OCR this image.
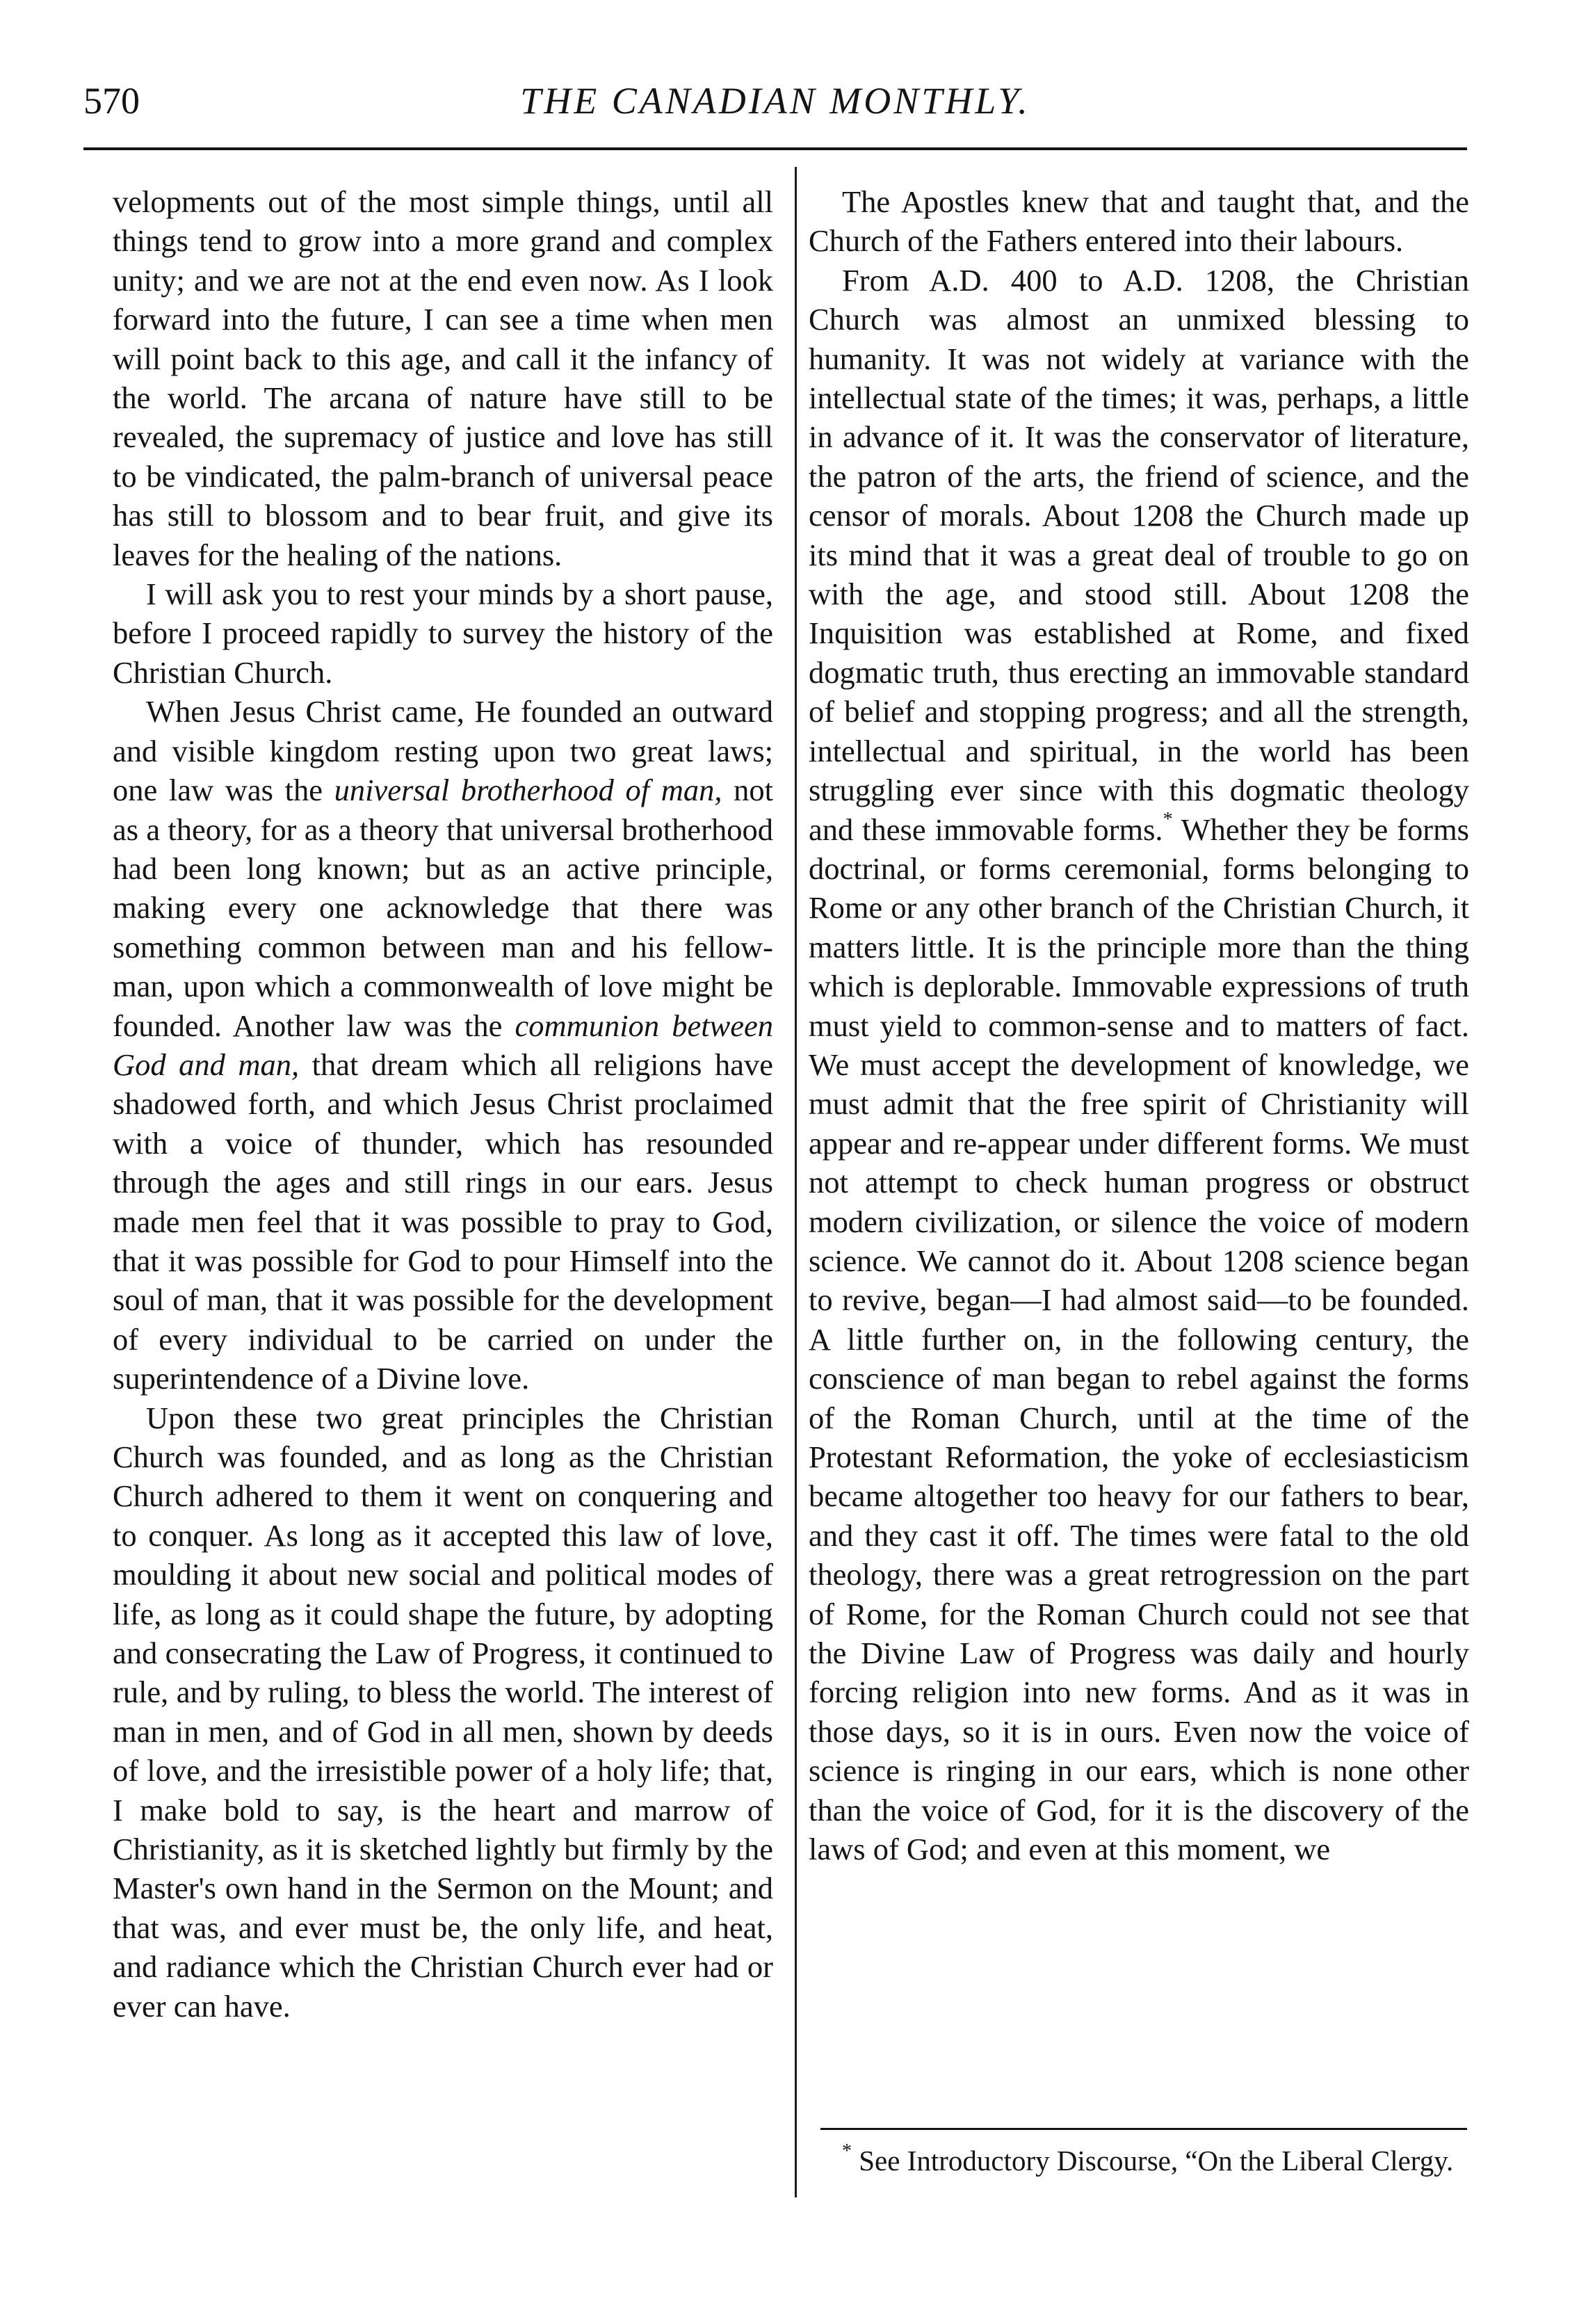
570	THE CANADIAN MONTHLY.

velopments out of the most simple things, until all things tend to grow into a more grand and complex unity; and we are not at the end even now. As I look forward into the future, I can see a time when men will point back to this age, and call it the infancy of the world. The arcana of nature have still to be revealed, the supremacy of justice and love has still to be vindicated, the palm-branch of universal peace has still to blossom and to bear fruit, and give its leaves for the healing of the nations.

I will ask you to rest your minds by a short pause, before I proceed rapidly to survey the history of the Christian Church.

When Jesus Christ came, He founded an outward and visible kingdom resting upon two great laws; one law was the universal brotherhood of man, not as a theory, for as a theory that universal brotherhood had been long known; but as an active principle, making every one acknowledge that there was something common between man and his fellow-man, upon which a commonwealth of love might be founded. Another law was the communion between God and man, that dream which all religions have shadowed forth, and which Jesus Christ proclaimed with a voice of thunder, which has resounded through the ages and still rings in our ears. Jesus made men feel that it was possible to pray to God, that it was possible for God to pour Himself into the soul of man, that it was possible for the development of every individual to be carried on under the superintendence of a Divine love.

Upon these two great principles the Christian Church was founded, and as long as the Christian Church adhered to them it went on conquering and to conquer. As long as it accepted this law of love, moulding it about new social and political modes of life, as long as it could shape the future, by adopting and consecrating the Law of Progress, it continued to rule, and by ruling, to bless the world. The interest of man in men, and of God in all men, shown by deeds of love, and the irresistible power of a holy life; that, I make bold to say, is the heart and marrow of Christianity, as it is sketched lightly but firmly by the Master's own hand in the Sermon on the Mount; and that was, and ever must be, the only life, and heat, and radiance which the Christian Church ever had or ever can have.

The Apostles knew that and taught that, and the Church of the Fathers entered into their labours.

From A.D. 400 to A.D. 1208, the Christian Church was almost an unmixed blessing to humanity. It was not widely at variance with the intellectual state of the times; it was, perhaps, a little in advance of it. It was the conservator of literature, the patron of the arts, the friend of science, and the censor of morals. About 1208 the Church made up its mind that it was a great deal of trouble to go on with the age, and stood still. About 1208 the Inquisition was established at Rome, and fixed dogmatic truth, thus erecting an immovable standard of belief and stopping progress; and all the strength, intellectual and spiritual, in the world has been struggling ever since with this dogmatic theology and these immovable forms.* Whether they be forms doctrinal, or forms ceremonial, forms belonging to Rome or any other branch of the Christian Church, it matters little. It is the principle more than the thing which is deplorable. Immovable expressions of truth must yield to common-sense and to matters of fact. We must accept the development of knowledge, we must admit that the free spirit of Christianity will appear and re-appear under different forms. We must not attempt to check human progress or obstruct modern civilization, or silence the voice of modern science. We cannot do it. About 1208 science began to revive, began—I had almost said—to be founded. A little further on, in the following century, the conscience of man began to rebel against the forms of the Roman Church, until at the time of the Protestant Reformation, the yoke of ecclesiasticism became altogether too heavy for our fathers to bear, and they cast it off. The times were fatal to the old theology, there was a great retrogression on the part of Rome, for the Roman Church could not see that the Divine Law of Progress was daily and hourly forcing religion into new forms. And as it was in those days, so it is in ours. Even now the voice of science is ringing in our ears, which is none other than the voice of God, for it is the discovery of the laws of God; and even at this moment, we

* See Introductory Discourse, “On the Liberal Clergy.
